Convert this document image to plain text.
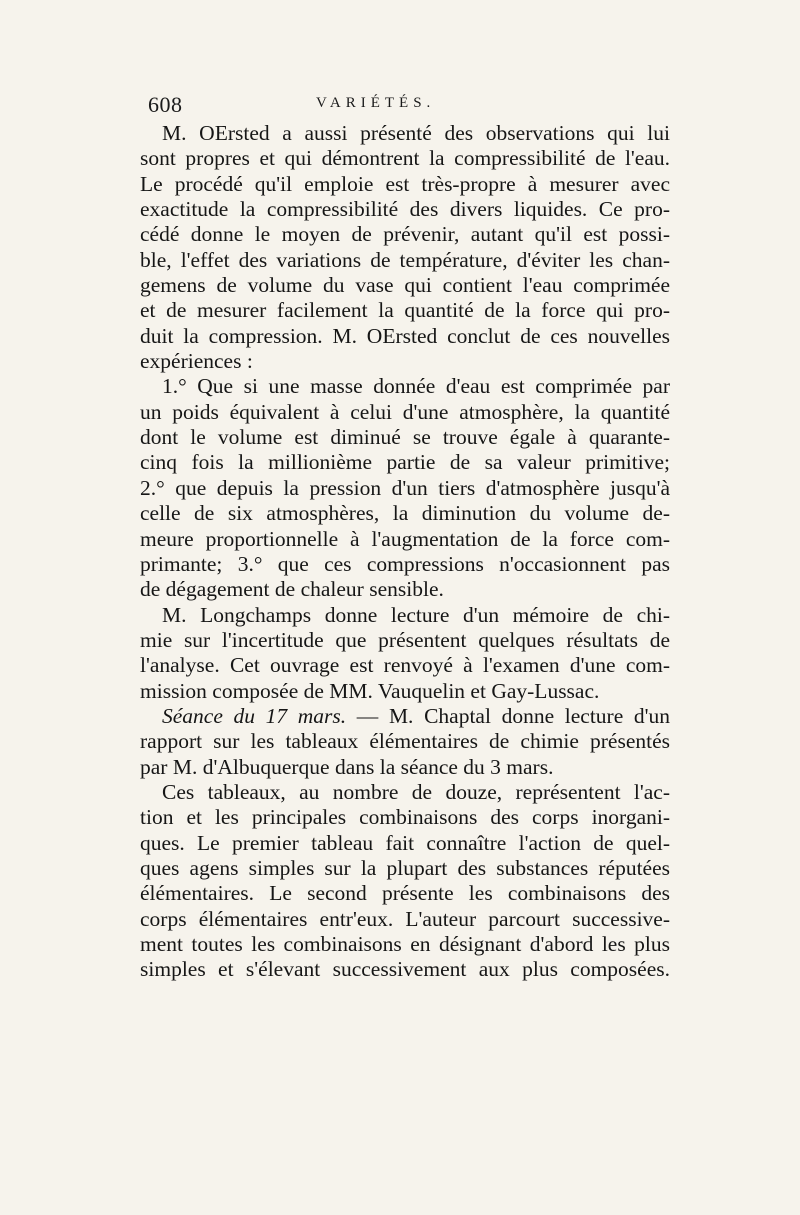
608	VARIÉTÉS.
M. OErsted a aussi présenté des observations qui lui
sont propres et qui démontrent la compressibilité de l'eau.
Le procédé qu'il emploie est très-propre à mesurer avec
exactitude la compressibilité des divers liquides. Ce pro-
cédé donne le moyen de prévenir, autant qu'il est possi-
ble, l'effet des variations de température, d'éviter les chan-
gemens de volume du vase qui contient l'eau comprimée
et de mesurer facilement la quantité de la force qui pro-
duit la compression. M. OErsted conclut de ces nouvelles
expériences :
1.° Que si une masse donnée d'eau est comprimée par
un poids équivalent à celui d'une atmosphère, la quantité
dont le volume est diminué se trouve égale à quarante-
cinq fois la millionième partie de sa valeur primitive;
2.° que depuis la pression d'un tiers d'atmosphère jusqu'à
celle de six atmosphères, la diminution du volume de-
meure proportionnelle à l'augmentation de la force com-
primante; 3.° que ces compressions n'occasionnent pas
de dégagement de chaleur sensible.
M. Longchamps donne lecture d'un mémoire de chi-
mie sur l'incertitude que présentent quelques résultats de
l'analyse. Cet ouvrage est renvoyé à l'examen d'une com-
mission composée de MM. Vauquelin et Gay-Lussac.
Séance du 17 mars. — M. Chaptal donne lecture d'un
rapport sur les tableaux élémentaires de chimie présentés
par M. d'Albuquerque dans la séance du 3 mars.
Ces tableaux, au nombre de douze, représentent l'ac-
tion et les principales combinaisons des corps inorgani-
ques. Le premier tableau fait connaître l'action de quel-
ques agens simples sur la plupart des substances réputées
élémentaires. Le second présente les combinaisons des
corps élémentaires entr'eux. L'auteur parcourt successive-
ment toutes les combinaisons en désignant d'abord les plus
simples et s'élevant successivement aux plus composées.
